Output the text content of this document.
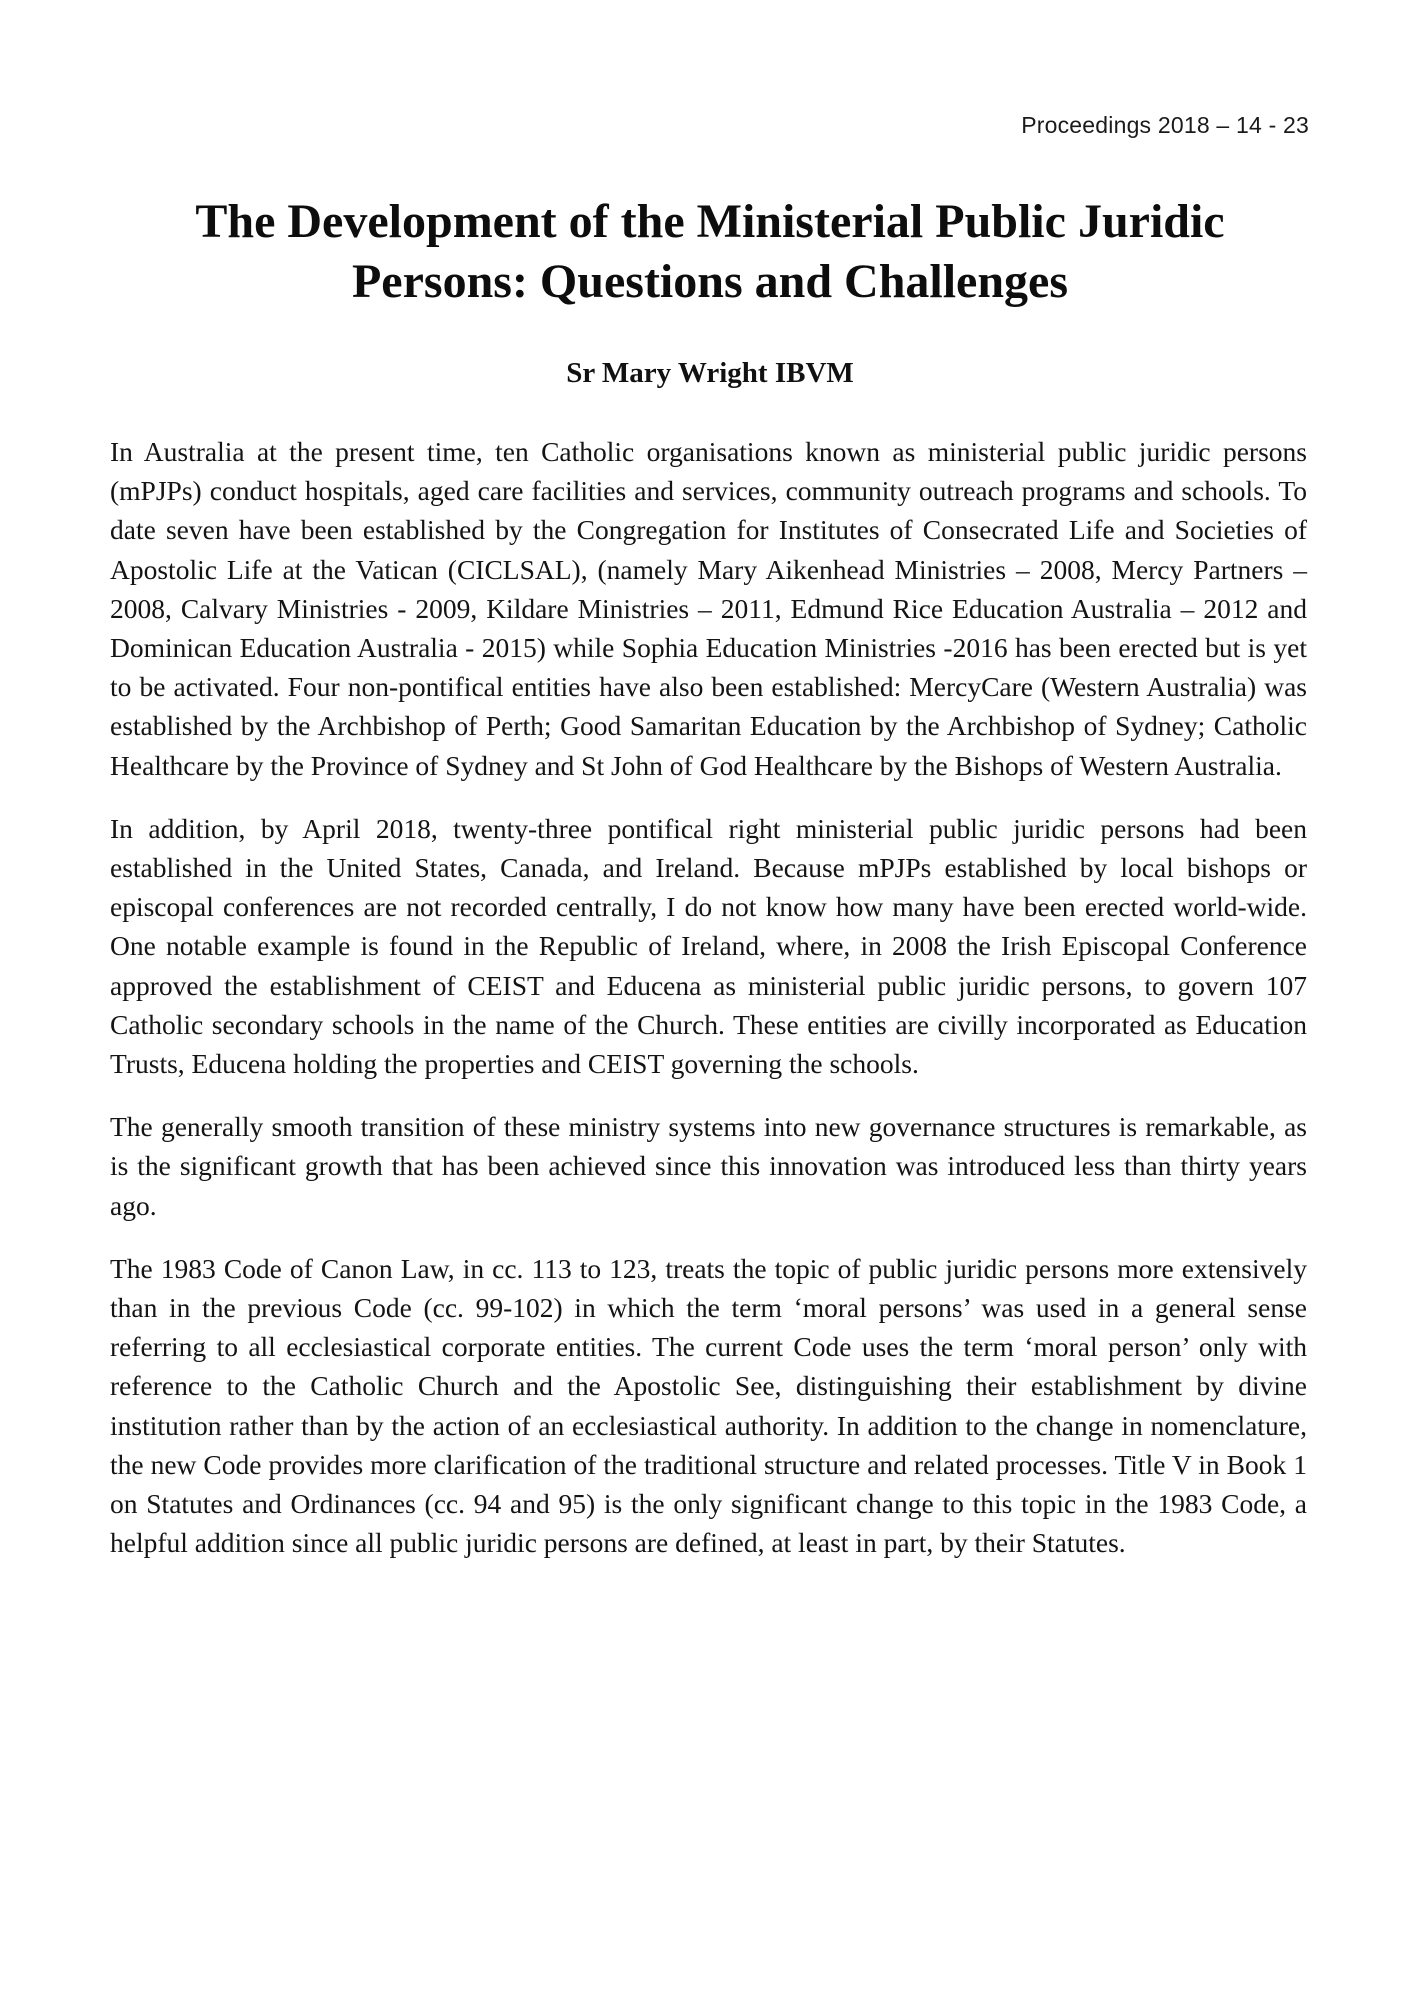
Proceedings 2018 – 14 - 23
The Development of the Ministerial Public Juridic Persons: Questions and Challenges
Sr Mary Wright IBVM

In Australia at the present time, ten Catholic organisations known as ministerial public juridic persons (mPJPs) conduct hospitals, aged care facilities and services, community outreach programs and schools. To date seven have been established by the Congregation for Institutes of Consecrated Life and Societies of Apostolic Life at the Vatican (CICLSAL), (namely Mary Aikenhead Ministries – 2008, Mercy Partners – 2008, Calvary Ministries - 2009, Kildare Ministries – 2011, Edmund Rice Education Australia – 2012 and Dominican Education Australia - 2015) while Sophia Education Ministries -2016 has been erected but is yet to be activated. Four non-pontifical entities have also been established: MercyCare (Western Australia) was established by the Archbishop of Perth; Good Samaritan Education by the Archbishop of Sydney; Catholic Healthcare by the Province of Sydney and St John of God Healthcare by the Bishops of Western Australia.

In addition, by April 2018, twenty-three pontifical right ministerial public juridic persons had been established in the United States, Canada, and Ireland. Because mPJPs established by local bishops or episcopal conferences are not recorded centrally, I do not know how many have been erected world-wide. One notable example is found in the Republic of Ireland, where, in 2008 the Irish Episcopal Conference approved the establishment of CEIST and Educena as ministerial public juridic persons, to govern 107 Catholic secondary schools in the name of the Church. These entities are civilly incorporated as Education Trusts, Educena holding the properties and CEIST governing the schools.

The generally smooth transition of these ministry systems into new governance structures is remarkable, as is the significant growth that has been achieved since this innovation was introduced less than thirty years ago.

The 1983 Code of Canon Law, in cc. 113 to 123, treats the topic of public juridic persons more extensively than in the previous Code (cc. 99-102) in which the term ‘moral persons’ was used in a general sense referring to all ecclesiastical corporate entities. The current Code uses the term ‘moral person’ only with reference to the Catholic Church and the Apostolic See, distinguishing their establishment by divine institution rather than by the action of an ecclesiastical authority. In addition to the change in nomenclature, the new Code provides more clarification of the traditional structure and related processes. Title V in Book 1 on Statutes and Ordinances (cc. 94 and 95) is the only significant change to this topic in the 1983 Code, a helpful addition since all public juridic persons are defined, at least in part, by their Statutes.
